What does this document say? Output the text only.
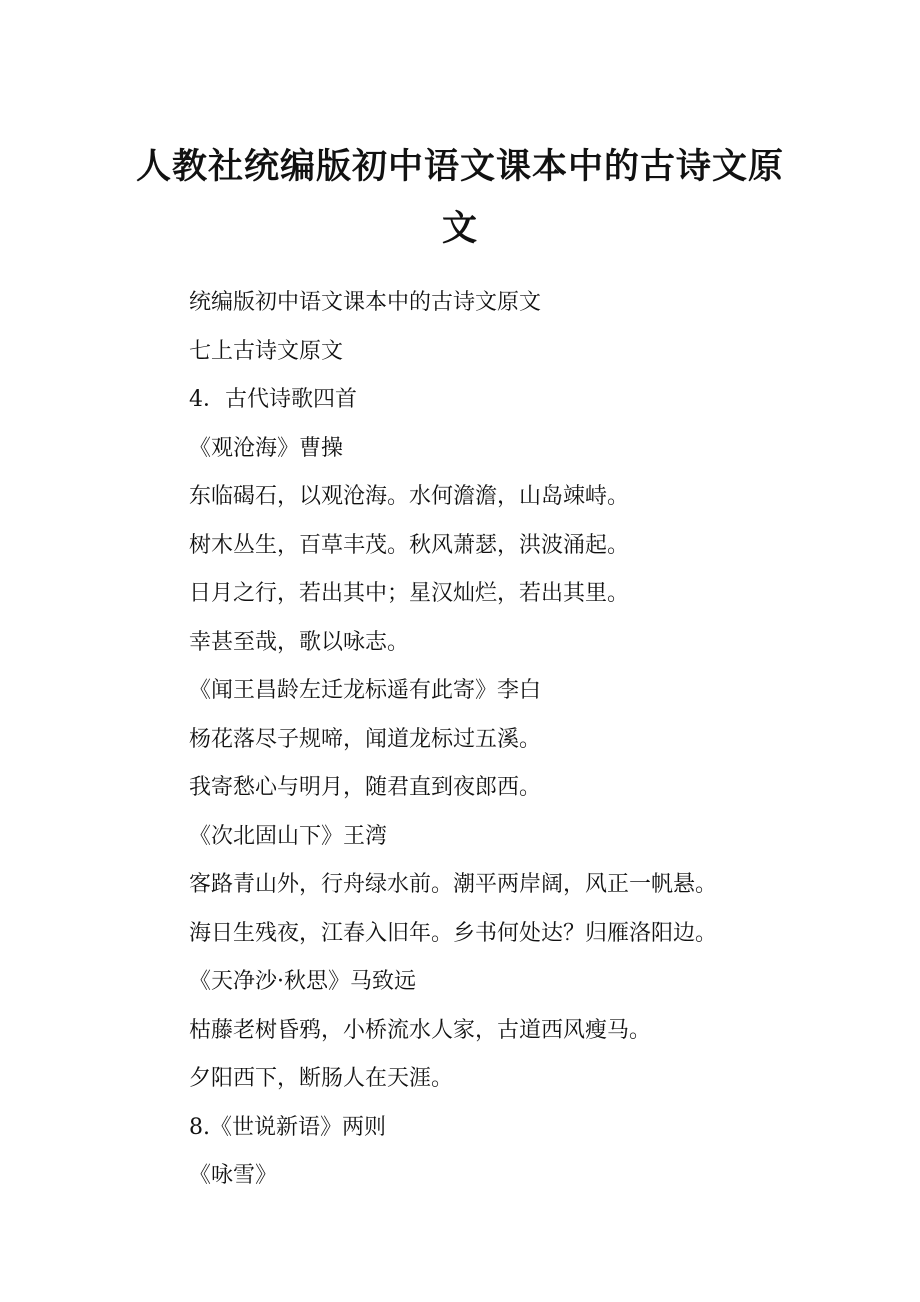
人教社统编版初中语文课本中的古诗文原
文
统编版初中语文课本中的古诗文原文
七上古诗文原文
4．古代诗歌四首
《观沧海》曹操
东临碣石，以观沧海。水何澹澹，山岛竦峙。
树木丛生，百草丰茂。秋风萧瑟，洪波涌起。
日月之行，若出其中；星汉灿烂，若出其里。
幸甚至哉，歌以咏志。
《闻王昌龄左迁龙标遥有此寄》李白
杨花落尽子规啼，闻道龙标过五溪。
我寄愁心与明月，随君直到夜郎西。
《次北固山下》王湾
客路青山外，行舟绿水前。潮平两岸阔，风正一帆悬。
海日生残夜，江春入旧年。乡书何处达？归雁洛阳边。
《天净沙·秋思》马致远
枯藤老树昏鸦，小桥流水人家，古道西风瘦马。
夕阳西下，断肠人在天涯。
8.《世说新语》两则
《咏雪》
